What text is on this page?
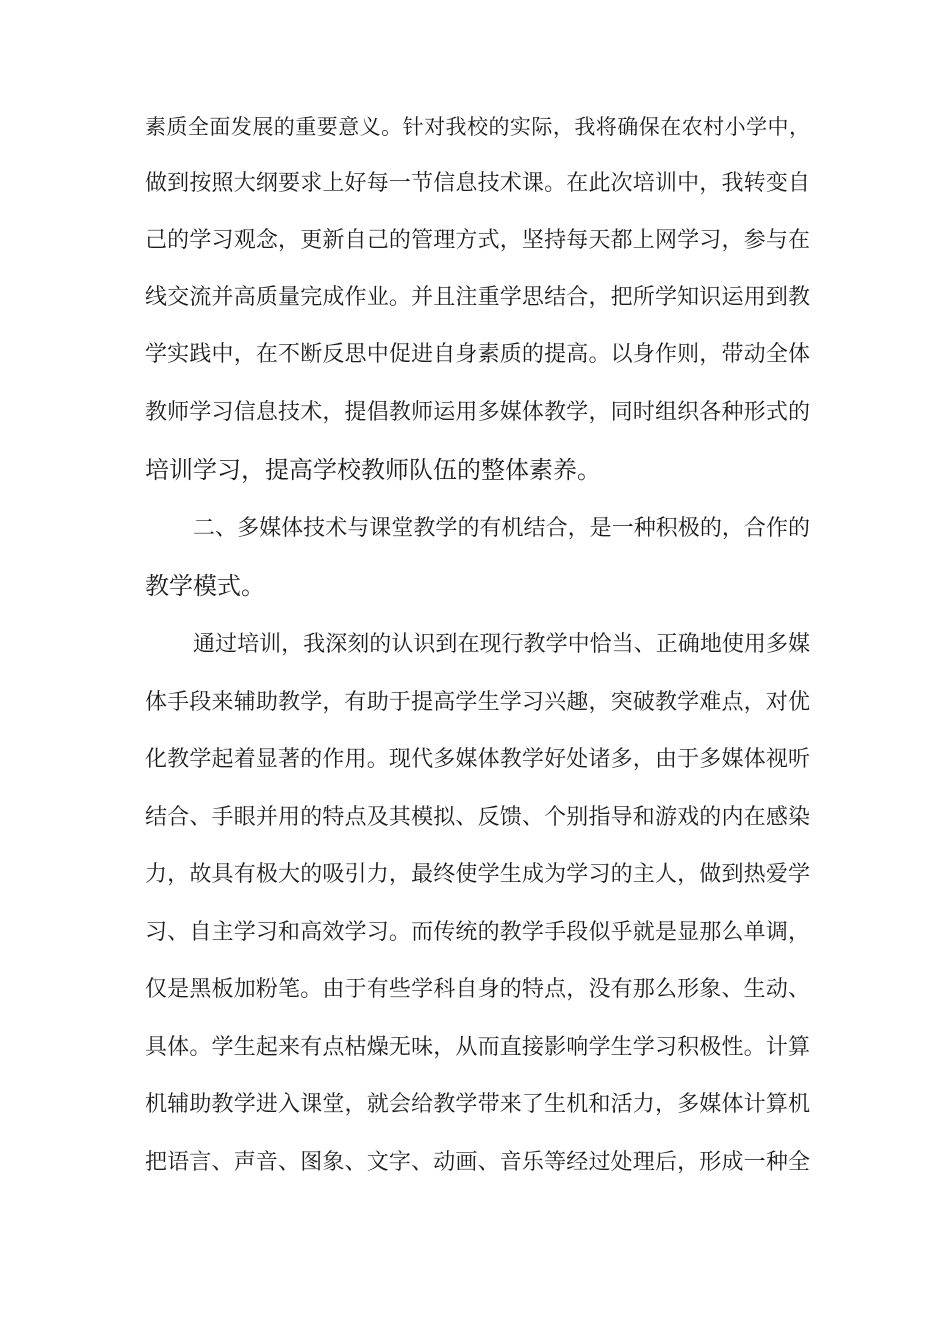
素质全面发展的重要意义。针对我校的实际，我将确保在农村小学中，
做到按照大纲要求上好每一节信息技术课。在此次培训中，我转变自
己的学习观念，更新自己的管理方式，坚持每天都上网学习，参与在
线交流并高质量完成作业。并且注重学思结合，把所学知识运用到教
学实践中，在不断反思中促进自身素质的提高。以身作则，带动全体
教师学习信息技术，提倡教师运用多媒体教学，同时组织各种形式的
培训学习，提高学校教师队伍的整体素养。
二、多媒体技术与课堂教学的有机结合，是一种积极的，合作的
教学模式。
通过培训，我深刻的认识到在现行教学中恰当、正确地使用多媒
体手段来辅助教学，有助于提高学生学习兴趣，突破教学难点，对优
化教学起着显著的作用。现代多媒体教学好处诸多，由于多媒体视听
结合、手眼并用的特点及其模拟、反馈、个别指导和游戏的内在感染
力，故具有极大的吸引力，最终使学生成为学习的主人，做到热爱学
习、自主学习和高效学习。而传统的教学手段似乎就是显那么单调，
仅是黑板加粉笔。由于有些学科自身的特点，没有那么形象、生动、
具体。学生起来有点枯燥无味，从而直接影响学生学习积极性。计算
机辅助教学进入课堂，就会给教学带来了生机和活力，多媒体计算机
把语言、声音、图象、文字、动画、音乐等经过处理后，形成一种全
